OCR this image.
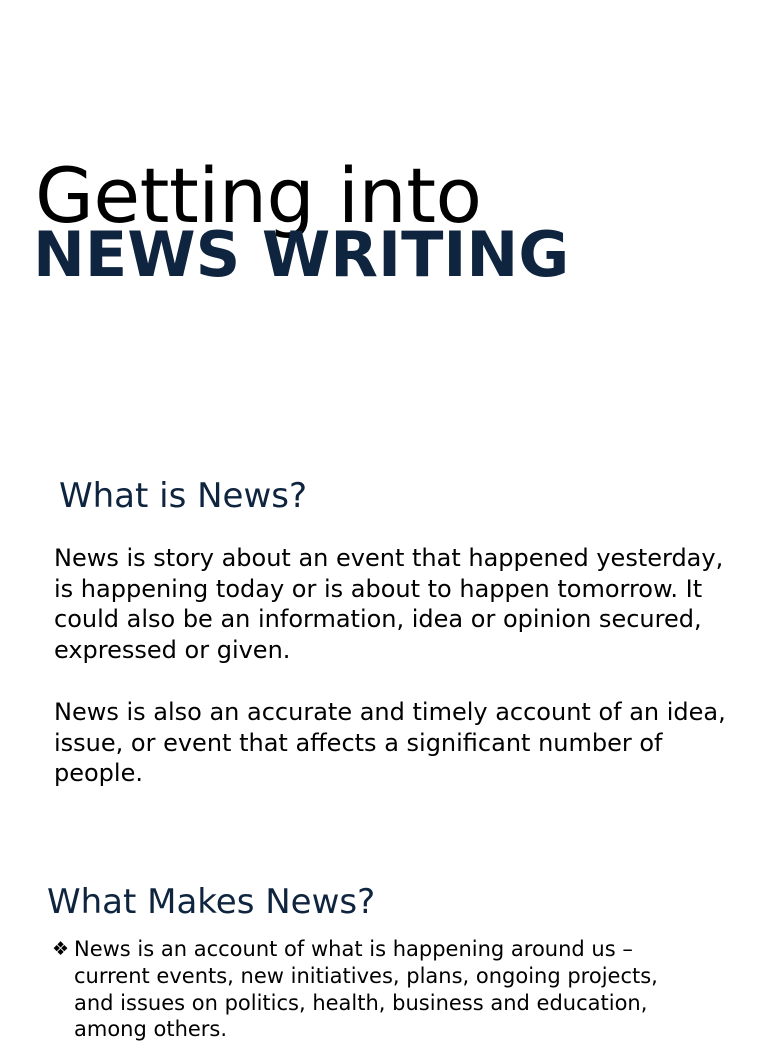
Getting into
NEWS WRITING
What is News?

News is story about an event that happened yesterday, is happening today or is about to happen tomorrow. It could also be an information, idea or opinion secured, expressed or given.

News is also an accurate and timely account of an idea, issue, or event that affects a significant number of people.

What Makes News?
❖ News is an account of what is happening around us – current events, new initiatives, plans, ongoing projects, and issues on politics, health, business and education, among others.
